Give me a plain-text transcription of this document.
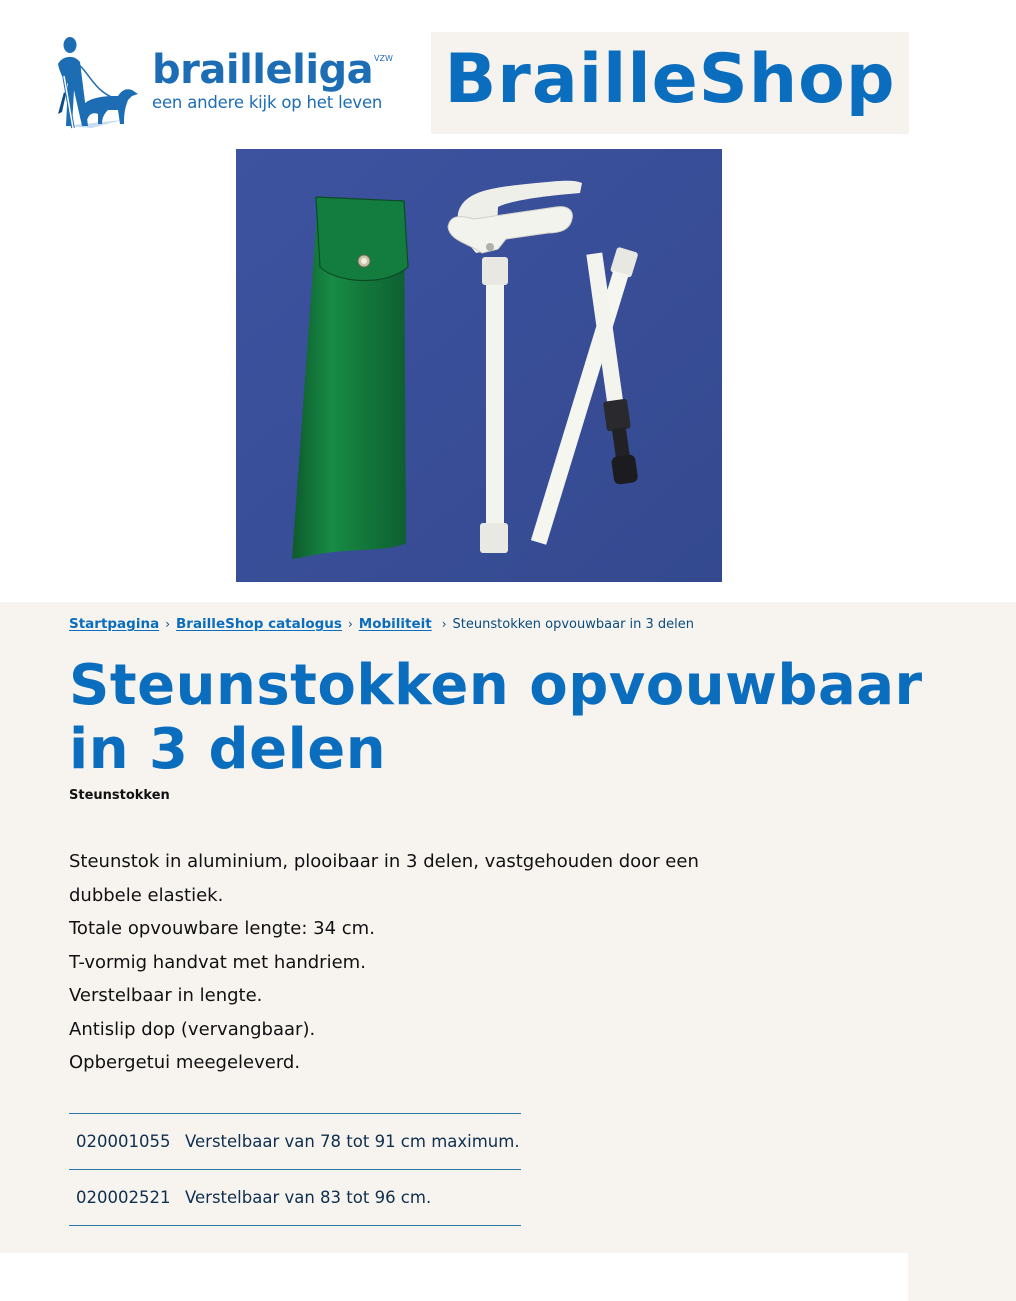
brailleliga VZW
een andere kijk op het leven BrailleShop
Startpagina › BrailleShop catalogus › Mobiliteit › Steunstokken opvouwbaar in 3 delen
Steunstokken opvouwbaar in 3 delen
Steunstokken

Steunstok in aluminium, plooibaar in 3 delen, vastgehouden door een dubbele elastiek.

Totale opvouwbare lengte: 34 cm.

T-vormig handvat met handriem.

Verstelbaar in lengte.

Antislip dop (vervangbaar).

Opbergetui meegeleverd.

020001055 Verstelbaar van 78 tot 91 cm maximum.
020002521 Verstelbaar van 83 tot 96 cm.
